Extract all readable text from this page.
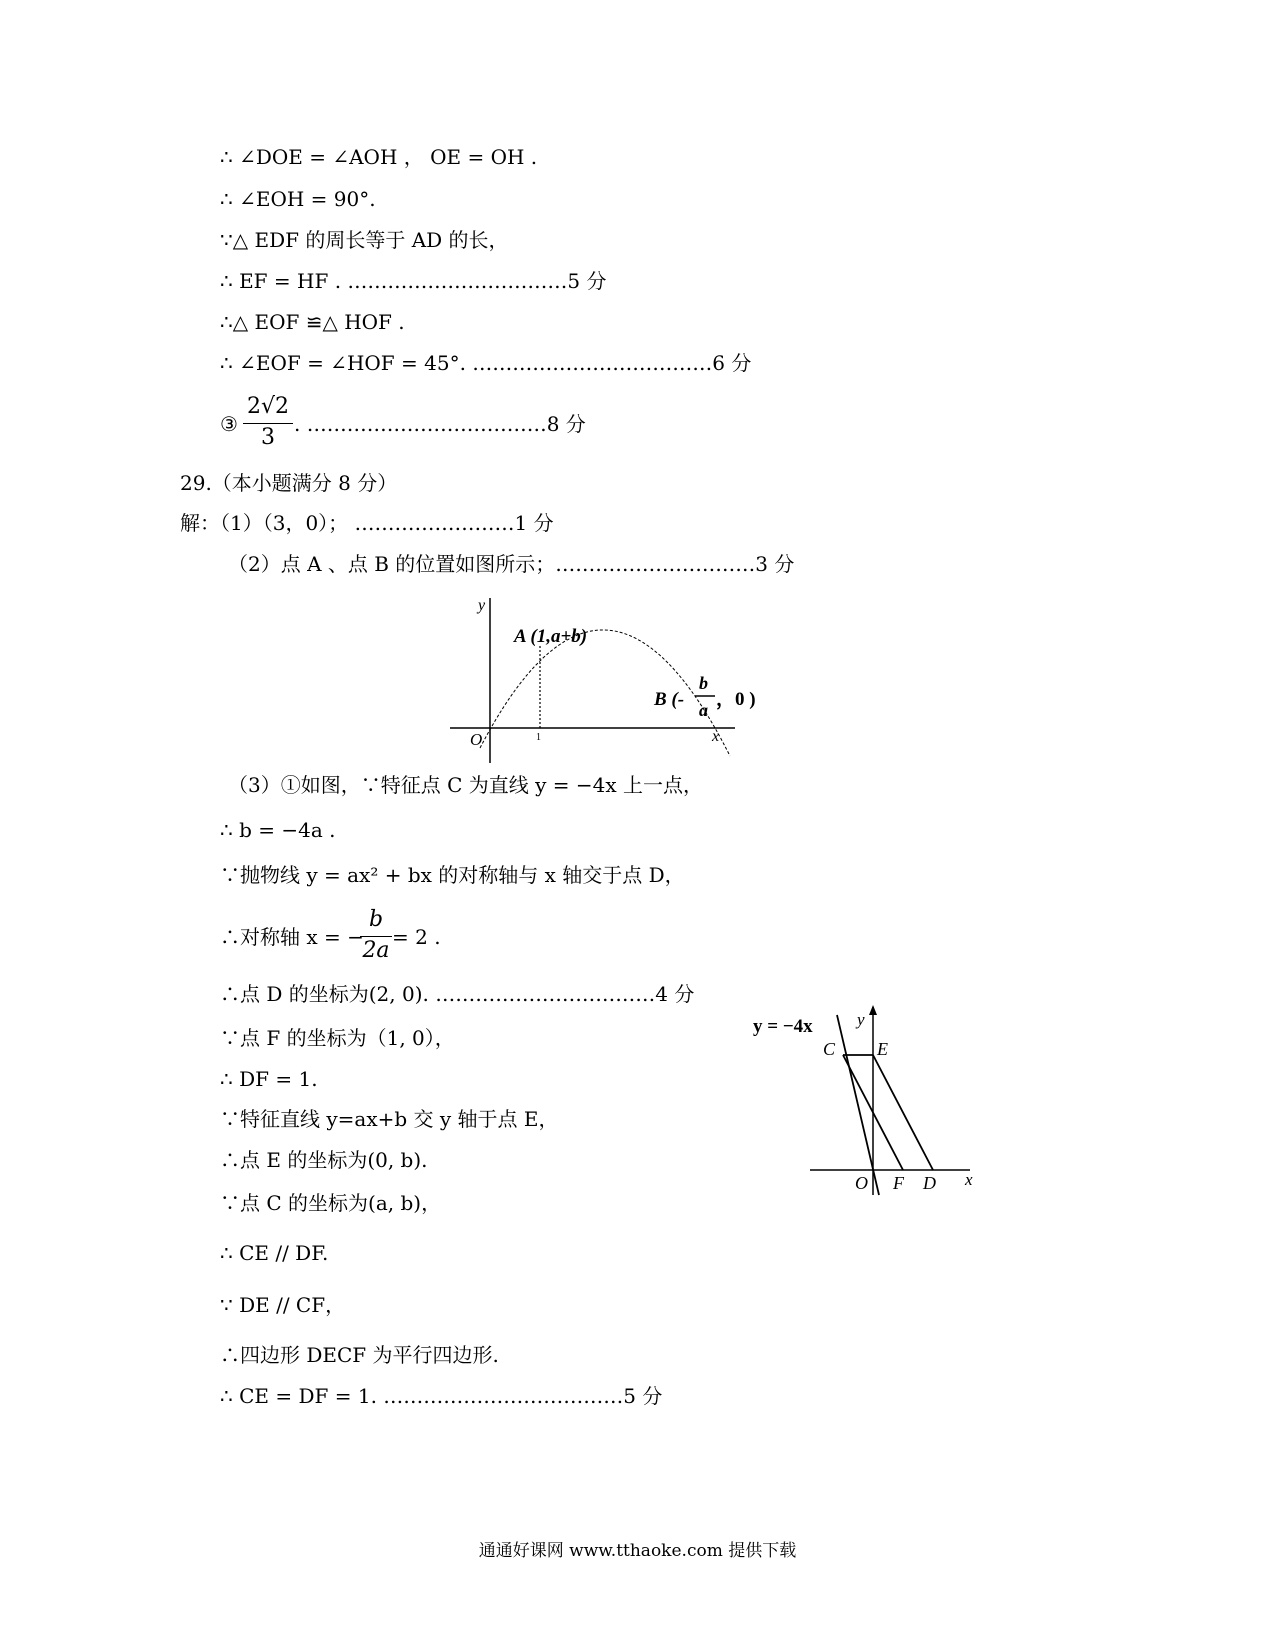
∴ ∠DOE = ∠AOH ， OE = OH .
∴ ∠EOH = 90°.
∵△ EDF 的周长等于 AD 的长，
∴ EF = HF . ……………………………5 分
∴△ EOF ≌△ HOF .
∴ ∠EOF = ∠HOF = 45°. ………………………………6 分
③
2√2
3
. ………………………………8 分
29.（本小题满分 8 分）
解：（1）（3，0）； ……………………1 分
（2）点 A 、点 B 的位置如图所示；…………………………3 分
（3）①如图，∵特征点 C 为直线 y = −4x 上一点，
∴ b = −4a .
∵抛物线 y = ax² + bx 的对称轴与 x 轴交于点 D，
∴对称轴 x = −
b
2a
= 2 .
∴点 D 的坐标为(2, 0). ……………………………4 分
∵点 F 的坐标为（1, 0），
∴ DF = 1.
∵特征直线 y=ax+b 交 y 轴于点 E，
∴点 E 的坐标为(0, b).
∵点 C 的坐标为(a, b)，
∴ CE // DF.
∵ DE // CF，
∴四边形 DECF 为平行四边形.
∴ CE = DF = 1. ………………………………5 分
y
x
O	1
A (1,a+b)
B (-
b
a ，0 )
y = −4x	y
x
C E
O F D
通通好课网 www.tthaoke.com 提供下载
